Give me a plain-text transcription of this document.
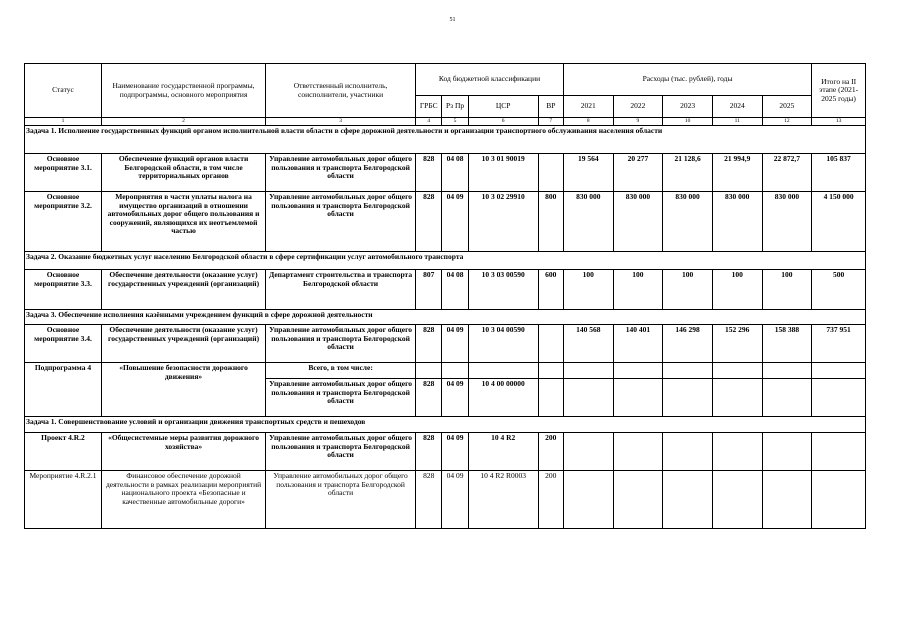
51
Статус	Наименование государственной программы, подпрограммы, основного мероприятия	Ответственный исполнитель, соисполнители, участники	Код бюджетной классификации				Расходы (тыс. рублей), годы					Итого на II этапе (2021-2025 годы)
			ГРБС	Рз Пр	ЦСР	ВР	2021	2022	2023	2024	2025	
1	2	3	4	5	6	7	8	9	10	11	12	13
Задача 1. Исполнение государственных функций органом исполнительной власти области в сфере дорожной деятельности и организации транспортного обслуживания населения области												
Основное мероприятие 3.1.	Обеспечение функций органов власти Белгородской области, в том числе территориальных органов	Управление автомобильных дорог общего пользования и транспорта Белгородской области	828	04 08	10 3 01 90019		19 564	20 277	21 128,6	21 994,9	22 872,7	105 837
Основное мероприятие 3.2.	Мероприятия в части уплаты налога на имущество организаций в отношении автомобильных дорог общего пользования и сооружений, являющихся их неотъемлемой частью	Управление автомобильных дорог общего пользования и транспорта Белгородской области	828	04 09	10 3 02 29910	800	830 000	830 000	830 000	830 000	830 000	4 150 000
Задача 2. Оказание бюджетных услуг населению Белгородской области в сфере сертификации услуг автомобильного транспорта												
Основное мероприятие 3.3.	Обеспечение деятельности (оказание услуг) государственных учреждений (организаций)	Департамент строительства и транспорта Белгородской области	807	04 08	10 3 03 00590	600	100	100	100	100	100	500
Задача 3. Обеспечение исполнения казёнными учреждением функций в сфере дорожной деятельности												
Основное мероприятие 3.4.	Обеспечение деятельности (оказание услуг) государственных учреждений (организаций)	Управление автомобильных дорог общего пользования и транспорта Белгородской области	828	04 09	10 3 04 00590		140 568	140 401	146 298	152 296	158 388	737 951
Подпрограмма 4	«Повышение безопасности дорожного движения»	Всего, в том числе:										
		Управление автомобильных дорог общего пользования и транспорта Белгородской области	828	04 09	10 4 00 00000							
Задача 1. Совершенствование условий и организации движения транспортных средств и пешеходов												
Проект 4.R.2	«Общесистемные меры развития дорожного хозяйства»	Управление автомобильных дорог общего пользования и транспорта Белгородской области	828	04 09	10 4 R2	200						
Мероприятие 4.R.2.1	Финансовое обеспечение дорожной деятельности в рамках реализации мероприятий национального проекта «Безопасные и качественные автомобильные дороги»	Управление автомобильных дорог общего пользования и транспорта Белгородской области	828	04 09	10 4 R2 R0003	200						
